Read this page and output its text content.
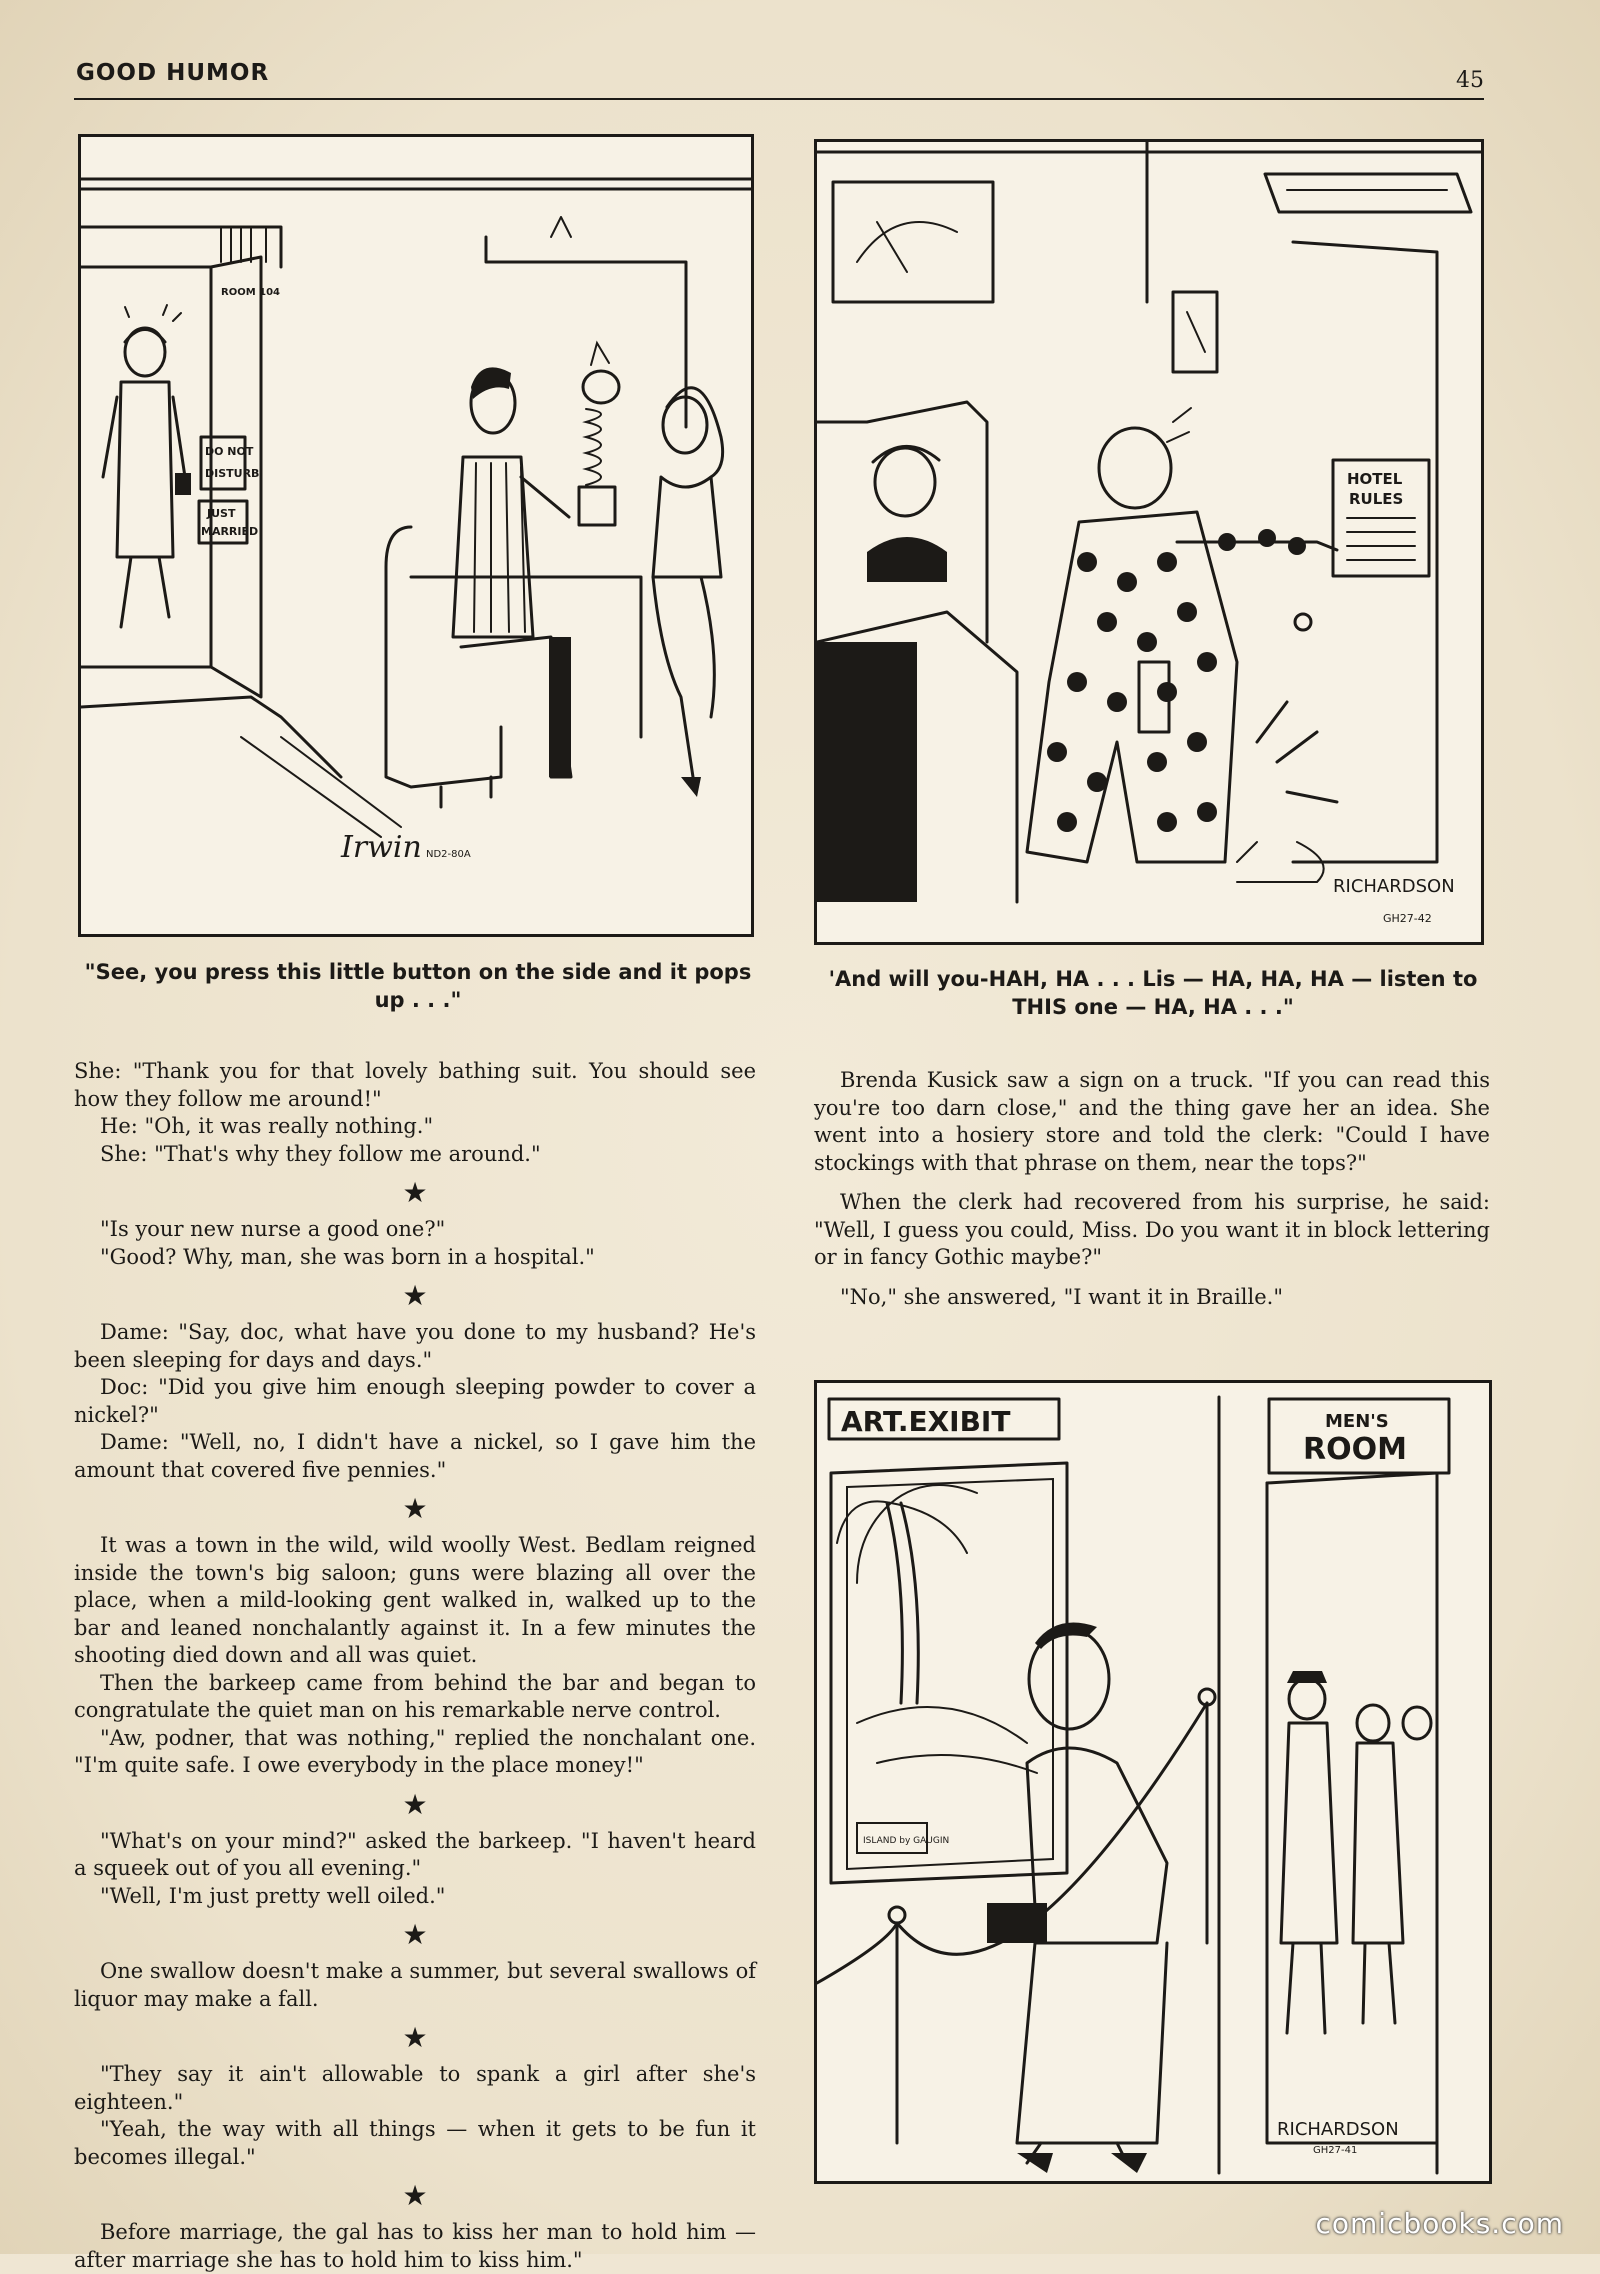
GOOD HUMOR	45
DO NOT
DISTURB
JUST
MARRIED
ROOM 104
Irwin ND2-80A
"See, you press this little button on the side and it pops up . . ."
HOTEL
RULES
RICHARDSON
GH27-42
'And will you-HAH, HA . . . Lis — HA, HA, HA — listen to THIS one — HA, HA . . ."

She: "Thank you for that lovely bathing suit. You should see how they follow me around!"

He: "Oh, it was really nothing."

She: "That's why they follow me around."

★

"Is your new nurse a good one?"

"Good? Why, man, she was born in a hospital."

★

Dame: "Say, doc, what have you done to my husband? He's been sleeping for days and days."

Doc: "Did you give him enough sleeping powder to cover a nickel?"

Dame: "Well, no, I didn't have a nickel, so I gave him the amount that covered five pennies."

★

It was a town in the wild, wild woolly West. Bedlam reigned inside the town's big saloon; guns were blazing all over the place, when a mild-looking gent walked in, walked up to the bar and leaned nonchalantly against it. In a few minutes the shooting died down and all was quiet.

Then the barkeep came from behind the bar and began to congratulate the quiet man on his remarkable nerve control.

"Aw, podner, that was nothing," replied the nonchalant one. "I'm quite safe. I owe everybody in the place money!"

★

"What's on your mind?" asked the barkeep. "I haven't heard a squeek out of you all evening."

"Well, I'm just pretty well oiled."

★

One swallow doesn't make a summer, but several swallows of liquor may make a fall.

★

"They say it ain't allowable to spank a girl after she's eighteen."

"Yeah, the way with all things — when it gets to be fun it becomes illegal."

★

Before marriage, the gal has to kiss her man to hold him — after marriage she has to hold him to kiss him."

Brenda Kusick saw a sign on a truck. "If you can read this you're too darn close," and the thing gave her an idea. She went into a hosiery store and told the clerk: "Could I have stockings with that phrase on them, near the tops?"

When the clerk had recovered from his surprise, he said: "Well, I guess you could, Miss. Do you want it in block lettering or in fancy Gothic maybe?"

"No," she answered, "I want it in Braille."

ART.EXIBIT	MEN'S
ROOM
ISLAND by GAUGIN
RICHARDSON
GH27-41
comicbooks.com
